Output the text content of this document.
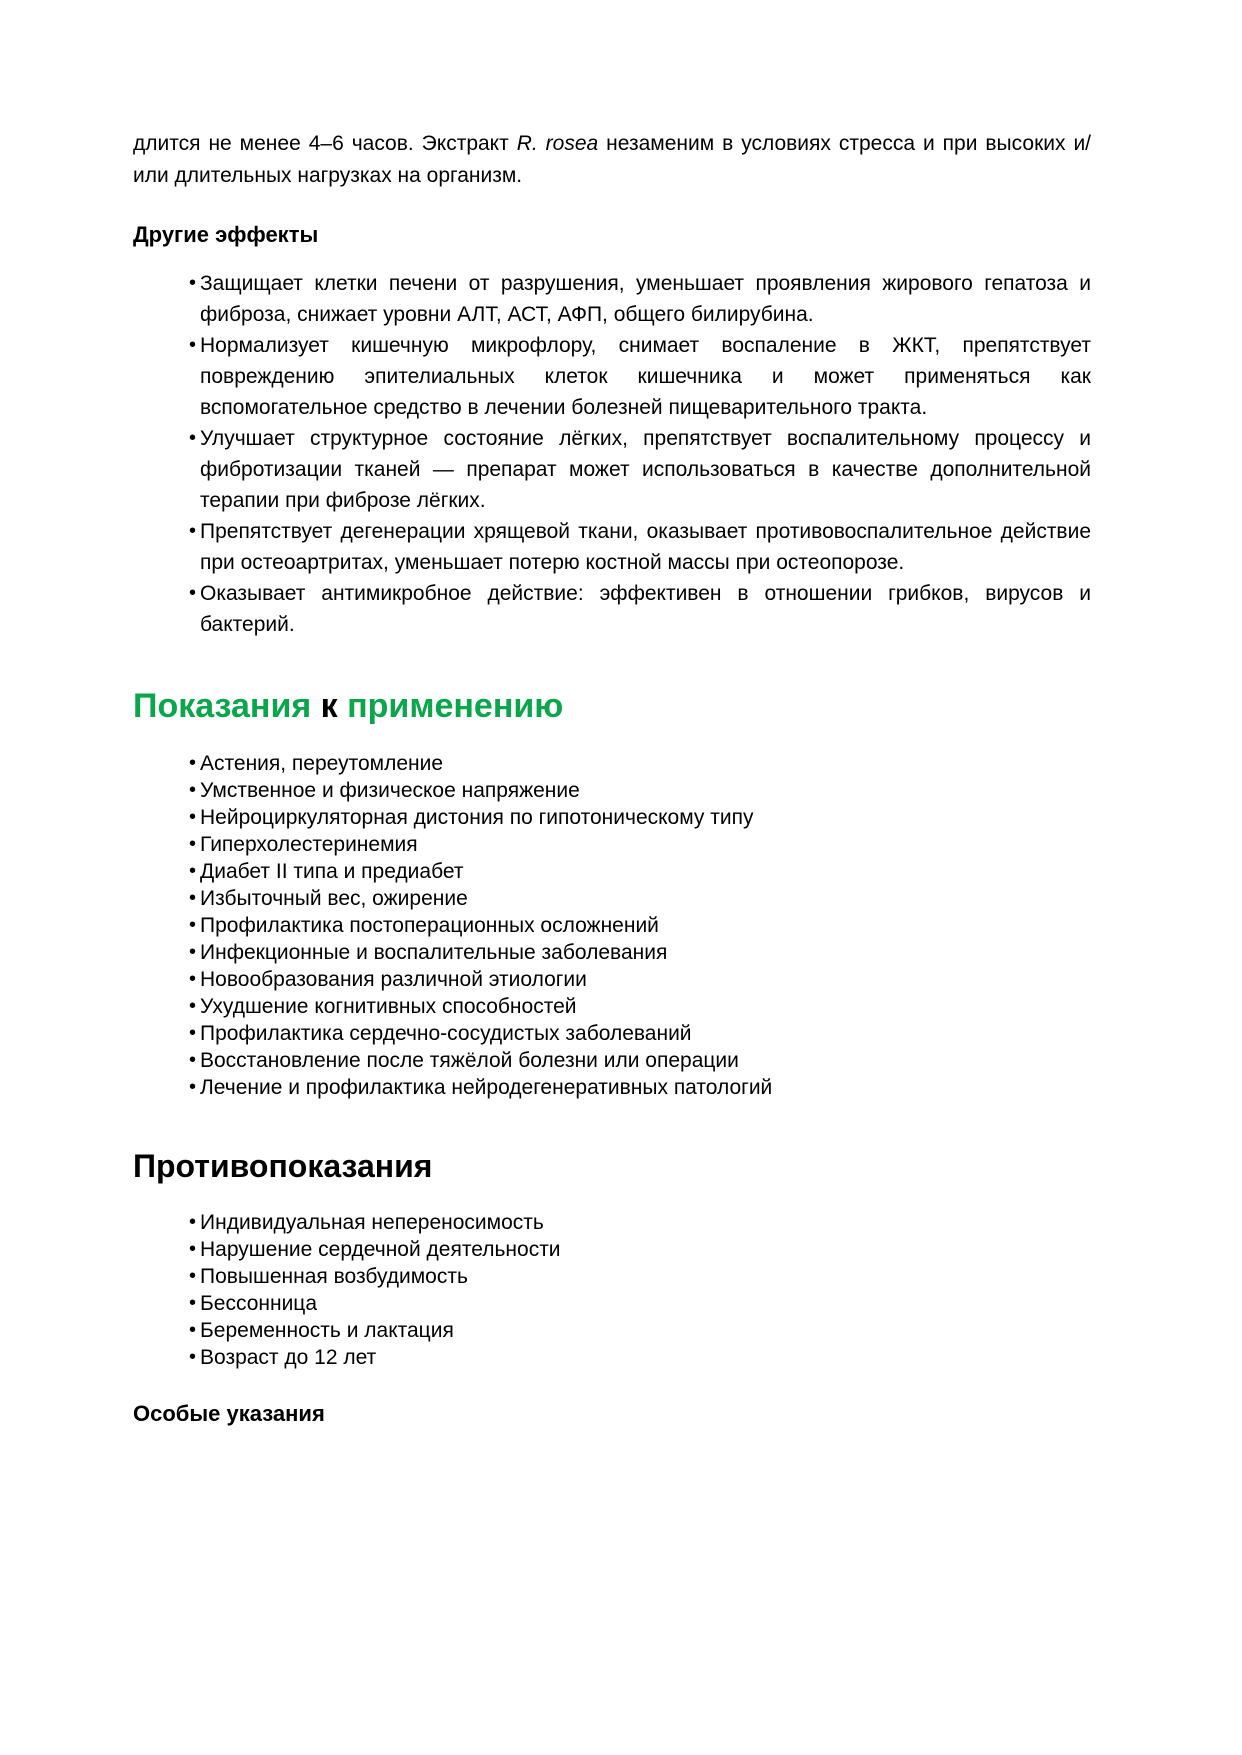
длится не менее 4–6 часов. Экстракт R. rosea незаменим в условиях стресса и при высоких и/или длительных нагрузках на организм.

Другие эффекты
• Защищает клетки печени от разрушения, уменьшает проявления жирового гепатоза и фиброза, снижает уровни АЛТ, АСТ, АФП, общего билирубина.
• Нормализует кишечную микрофлору, снимает воспаление в ЖКТ, препятствует повреждению эпителиальных клеток кишечника и может применяться как вспомогательное средство в лечении болезней пищеварительного тракта.
• Улучшает структурное состояние лёгких, препятствует воспалительному процессу и фибротизации тканей — препарат может использоваться в качестве дополнительной терапии при фиброзе лёгких.
• Препятствует дегенерации хрящевой ткани, оказывает противовоспалительное действие при остеоартритах, уменьшает потерю костной массы при остеопорозе.
• Оказывает антимикробное действие: эффективен в отношении грибков, вирусов и бактерий.
Показания к применению
• Астения, переутомление
• Умственное и физическое напряжение
• Нейроциркуляторная дистония по гипотоническому типу
• Гиперхолестеринемия
• Диабет II типа и предиабет
• Избыточный вес, ожирение
• Профилактика постоперационных осложнений
• Инфекционные и воспалительные заболевания
• Новообразования различной этиологии
• Ухудшение когнитивных способностей
• Профилактика сердечно-сосудистых заболеваний
• Восстановление после тяжёлой болезни или операции
• Лечение и профилактика нейродегенеративных патологий
Противопоказания
• Индивидуальная непереносимость
• Нарушение сердечной деятельности
• Повышенная возбудимость
• Бессонница
• Беременность и лактация
• Возраст до 12 лет
Особые указания
